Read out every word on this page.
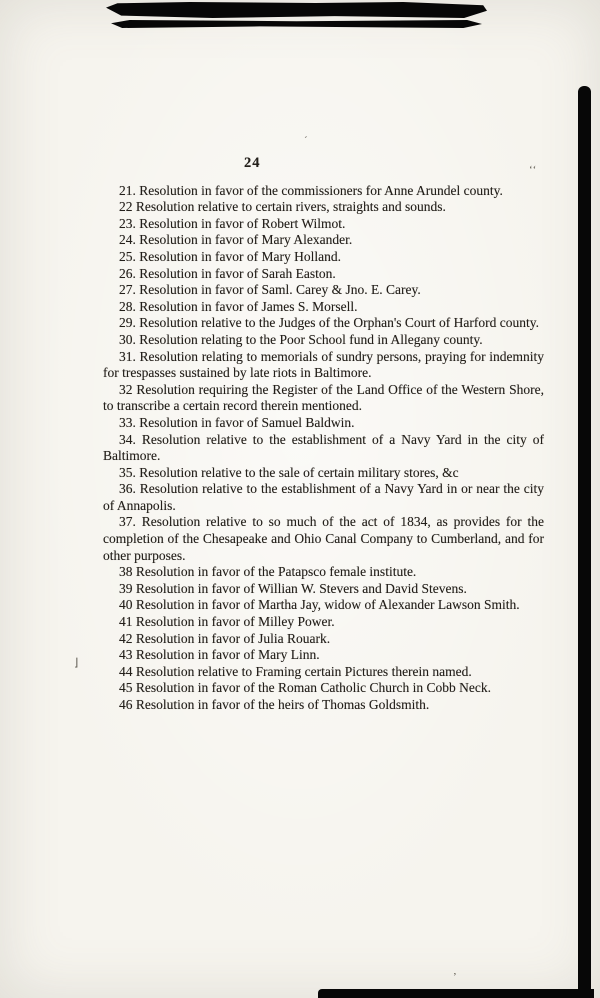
ʻʻ
ˊ
⌋
ʼ
24

21. Resolution in favor of the commissioners for Anne Arundel county.

22 Resolution relative to certain rivers, straights and sounds.

23. Resolution in favor of Robert Wilmot.

24. Resolution in favor of Mary Alexander.

25. Resolution in favor of Mary Holland.

26. Resolution in favor of Sarah Easton.

27. Resolution in favor of Saml. Carey & Jno. E. Carey.

28. Resolution in favor of James S. Morsell.

29. Resolution relative to the Judges of the Orphan's Court of Harford county.

30. Resolution relating to the Poor School fund in Allegany county.

31. Resolution relating to memorials of sundry persons, praying for indemnity for trespasses sustained by late riots in Baltimore.

32 Resolution requiring the Register of the Land Office of the Western Shore, to transcribe a certain record therein mentioned.

33. Resolution in favor of Samuel Baldwin.

34. Resolution relative to the establishment of a Navy Yard in the city of Baltimore.

35. Resolution relative to the sale of certain military stores, &c

36. Resolution relative to the establishment of a Navy Yard in or near the city of Annapolis.

37. Resolution relative to so much of the act of 1834, as provides for the completion of the Chesapeake and Ohio Canal Company to Cumberland, and for other purposes.

38 Resolution in favor of the Patapsco female institute.

39 Resolution in favor of Willian W. Stevers and David Stevens.

40 Resolution in favor of Martha Jay, widow of Alexander Lawson Smith.

41 Resolution in favor of Milley Power.

42 Resolution in favor of Julia Rouark.

43 Resolution in favor of Mary Linn.

44 Resolution relative to Framing certain Pictures therein named.

45 Resolution in favor of the Roman Catholic Church in Cobb Neck.

46 Resolution in favor of the heirs of Thomas Goldsmith.
